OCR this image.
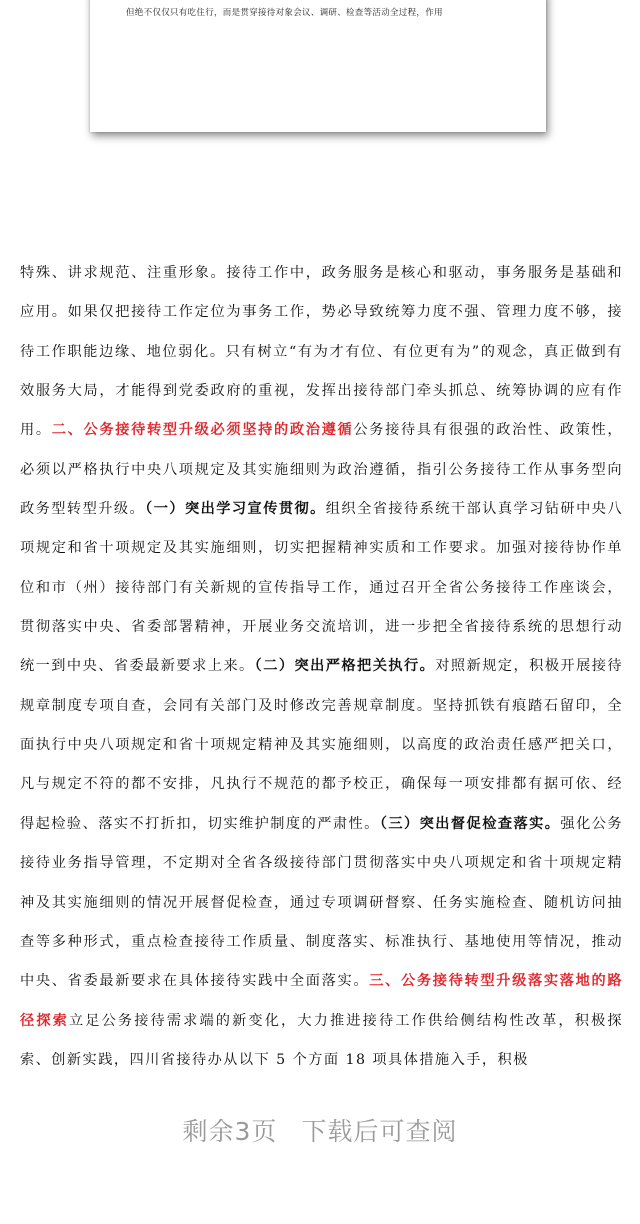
但绝不仅仅只有吃住行，而是贯穿接待对象会议、调研、检查等活动全过程，作用
特殊、讲求规范、注重形象。接待工作中，政务服务是核心和驱动，事务服务是基础和应用。如果仅把接待工作定位为事务工作，势必导致统筹力度不强、管理力度不够，接待工作职能边缘、地位弱化。只有树立“有为才有位、有位更有为”的观念，真正做到有效服务大局，才能得到党委政府的重视，发挥出接待部门牵头抓总、统筹协调的应有作用。二、公务接待转型升级必须坚持的政治遵循公务接待具有很强的政治性、政策性，必须以严格执行中央八项规定及其实施细则为政治遵循，指引公务接待工作从事务型向政务型转型升级。（一）突出学习宣传贯彻。组织全省接待系统干部认真学习钻研中央八项规定和省十项规定及其实施细则，切实把握精神实质和工作要求。加强对接待协作单位和市（州）接待部门有关新规的宣传指导工作，通过召开全省公务接待工作座谈会，贯彻落实中央、省委部署精神，开展业务交流培训，进一步把全省接待系统的思想行动统一到中央、省委最新要求上来。（二）突出严格把关执行。对照新规定，积极开展接待规章制度专项自查，会同有关部门及时修改完善规章制度。坚持抓铁有痕踏石留印，全面执行中央八项规定和省十项规定精神及其实施细则，以高度的政治责任感严把关口，凡与规定不符的都不安排，凡执行不规范的都予校正，确保每一项安排都有据可依、经得起检验、落实不打折扣，切实维护制度的严肃性。（三）突出督促检查落实。强化公务接待业务指导管理，不定期对全省各级接待部门贯彻落实中央八项规定和省十项规定精神及其实施细则的情况开展督促检查，通过专项调研督察、任务实施检查、随机访问抽查等多种形式，重点检查接待工作质量、制度落实、标准执行、基地使用等情况，推动中央、省委最新要求在具体接待实践中全面落实。三、公务接待转型升级落实落地的路径探索立足公务接待需求端的新变化，大力推进接待工作供给侧结构性改革，积极探索、创新实践，四川省接待办从以下 5 个方面 18 项具体措施入手，积极
剩余3页 下载后可查阅
